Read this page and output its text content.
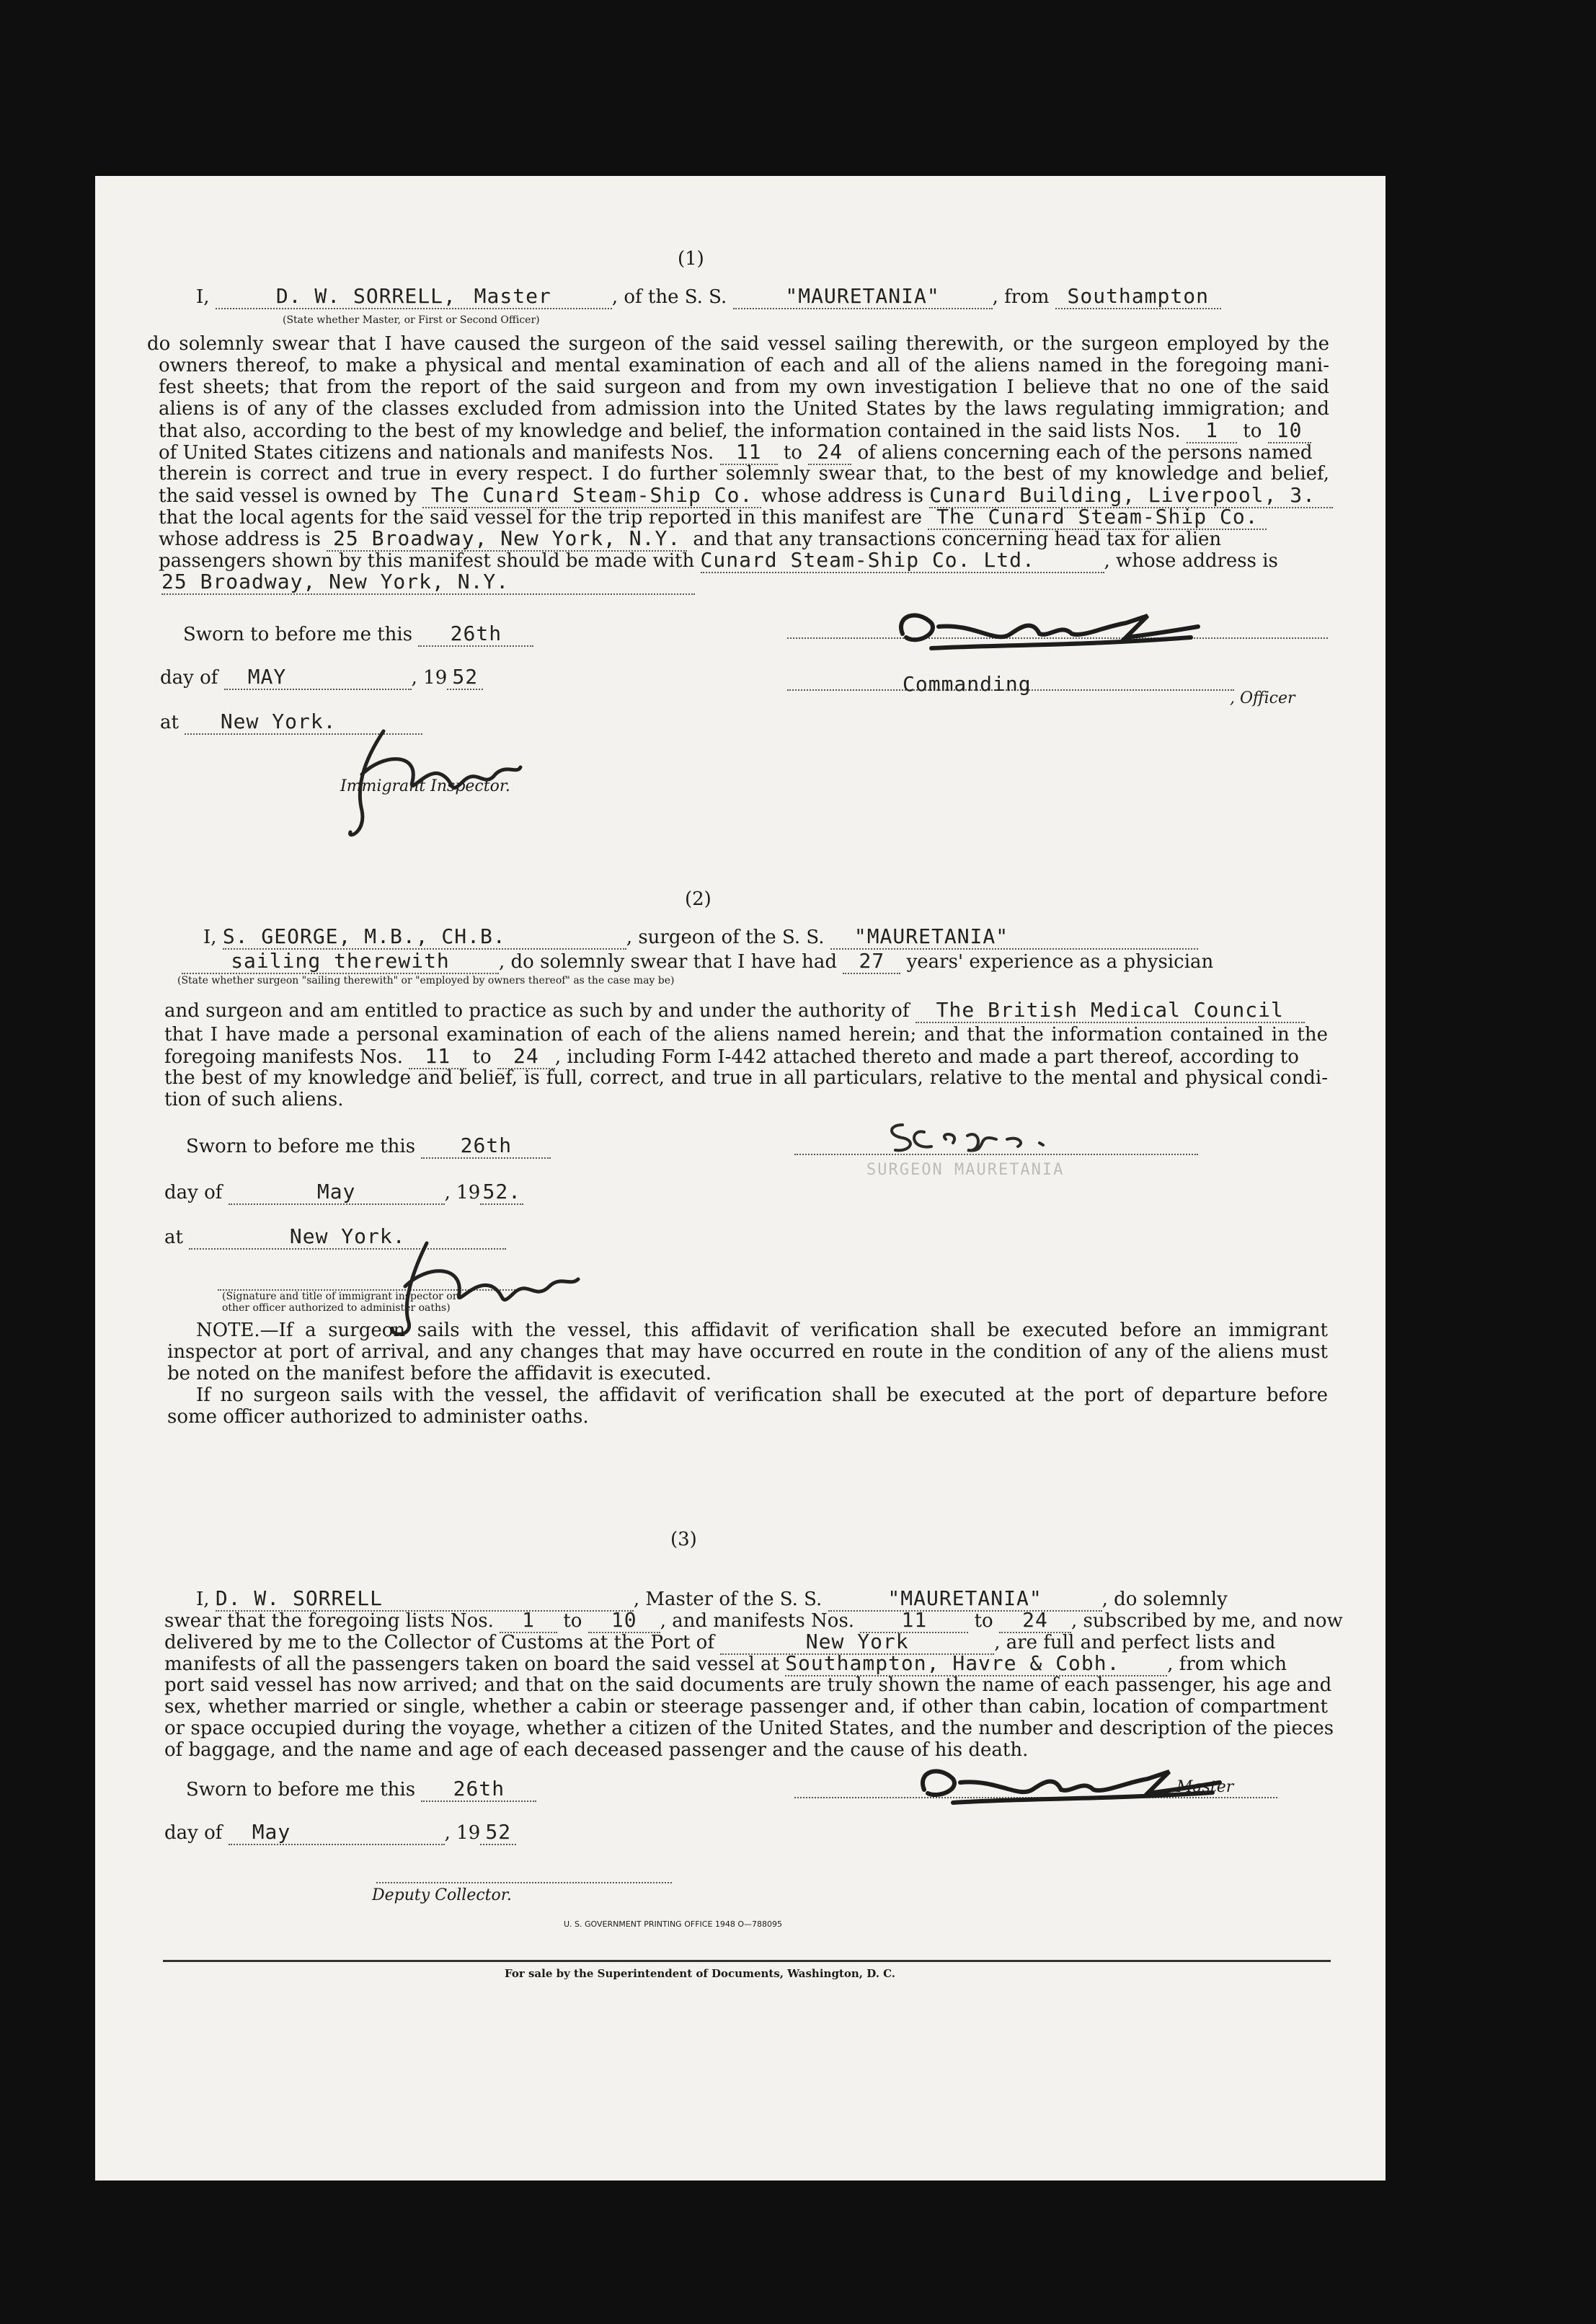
(1)
I,	D. W. SORRELL, Master	, of the S. S.	"MAURETANIA"	, from Southampton
(State whether Master, or First or Second Officer)
do solemnly swear that I have caused the surgeon of the said vessel sailing therewith, or the surgeon employed by the
owners thereof, to make a physical and mental examination of each and all of the aliens named in the foregoing mani-
fest sheets; that from the report of the said surgeon and from my own investigation I believe that no one of the said
aliens is of any of the classes excluded from admission into the United States by the laws regulating immigration; and
that also, according to the best of my knowledge and belief, the information contained in the said lists Nos. 1 to 10
of United States citizens and nationals and manifests Nos. 11 to 24 of aliens concerning each of the persons named
therein is correct and true in every respect. I do further solemnly swear that, to the best of my knowledge and belief,
the said vessel is owned by The Cunard Steam-Ship Co. whose address is Cunard Building, Liverpool, 3.
that the local agents for the said vessel for the trip reported in this manifest are The Cunard Steam-Ship Co.
whose address is 25 Broadway, New York, N.Y. and that any transactions concerning head tax for alien
passengers shown by this manifest should be made with Cunard Steam-Ship Co. Ltd.	, whose address is
25 Broadway, New York, N.Y.
Sworn to before me this 26th
day of MAY	, 19 52
at New York.
Immigrant Inspector.
Commanding
, Officer
(2)
I, S. GEORGE, M.B., CH.B.	, surgeon of the S. S. "MAURETANIA"
sailing therewith	, do solemnly swear that I have had 27 years' experience as a physician
(State whether surgeon "sailing therewith" or "employed by owners thereof" as the case may be)
and surgeon and am entitled to practice as such by and under the authority of The British Medical Council
that I have made a personal examination of each of the aliens named herein; and that the information contained in the
foregoing manifests Nos. 11 to 24 , including Form I-442 attached thereto and made a part thereof, according to
the best of my knowledge and belief, is full, correct, and true in all particulars, relative to the mental and physical condi-
tion of such aliens.
Sworn to before me this 26th
day of	May	, 19 52.
at	New York.
(Signature and title of immigrant inspector or
other officer authorized to administer oaths)
SURGEON MAURETANIA
NOTE.—If a surgeon sails with the vessel, this affidavit of verification shall be executed before an immigrant
inspector at port of arrival, and any changes that may have occurred en route in the condition of any of the aliens must
be noted on the manifest before the affidavit is executed.
If no surgeon sails with the vessel, the affidavit of verification shall be executed at the port of departure before
some officer authorized to administer oaths.
(3)
I, D. W. SORRELL	, Master of the S. S.	"MAURETANIA"	, do solemnly
swear that the foregoing lists Nos. 1 to 10 , and manifests Nos. 11	to 24 , subscribed by me, and now
delivered by me to the Collector of Customs at the Port of	New York	, are full and perfect lists and
manifests of all the passengers taken on board the said vessel at Southampton, Havre & Cobh.	, from which
port said vessel has now arrived; and that on the said documents are truly shown the name of each passenger, his age and
sex, whether married or single, whether a cabin or steerage passenger and, if other than cabin, location of compartment
or space occupied during the voyage, whether a citizen of the United States, and the number and description of the pieces
of baggage, and the name and age of each deceased passenger and the cause of his death.
Sworn to before me this 26th
day of May	, 19 52
Deputy Collector.
, Master
U. S. GOVERNMENT PRINTING OFFICE 1948 O—788095
For sale by the Superintendent of Documents, Washington, D. C.
